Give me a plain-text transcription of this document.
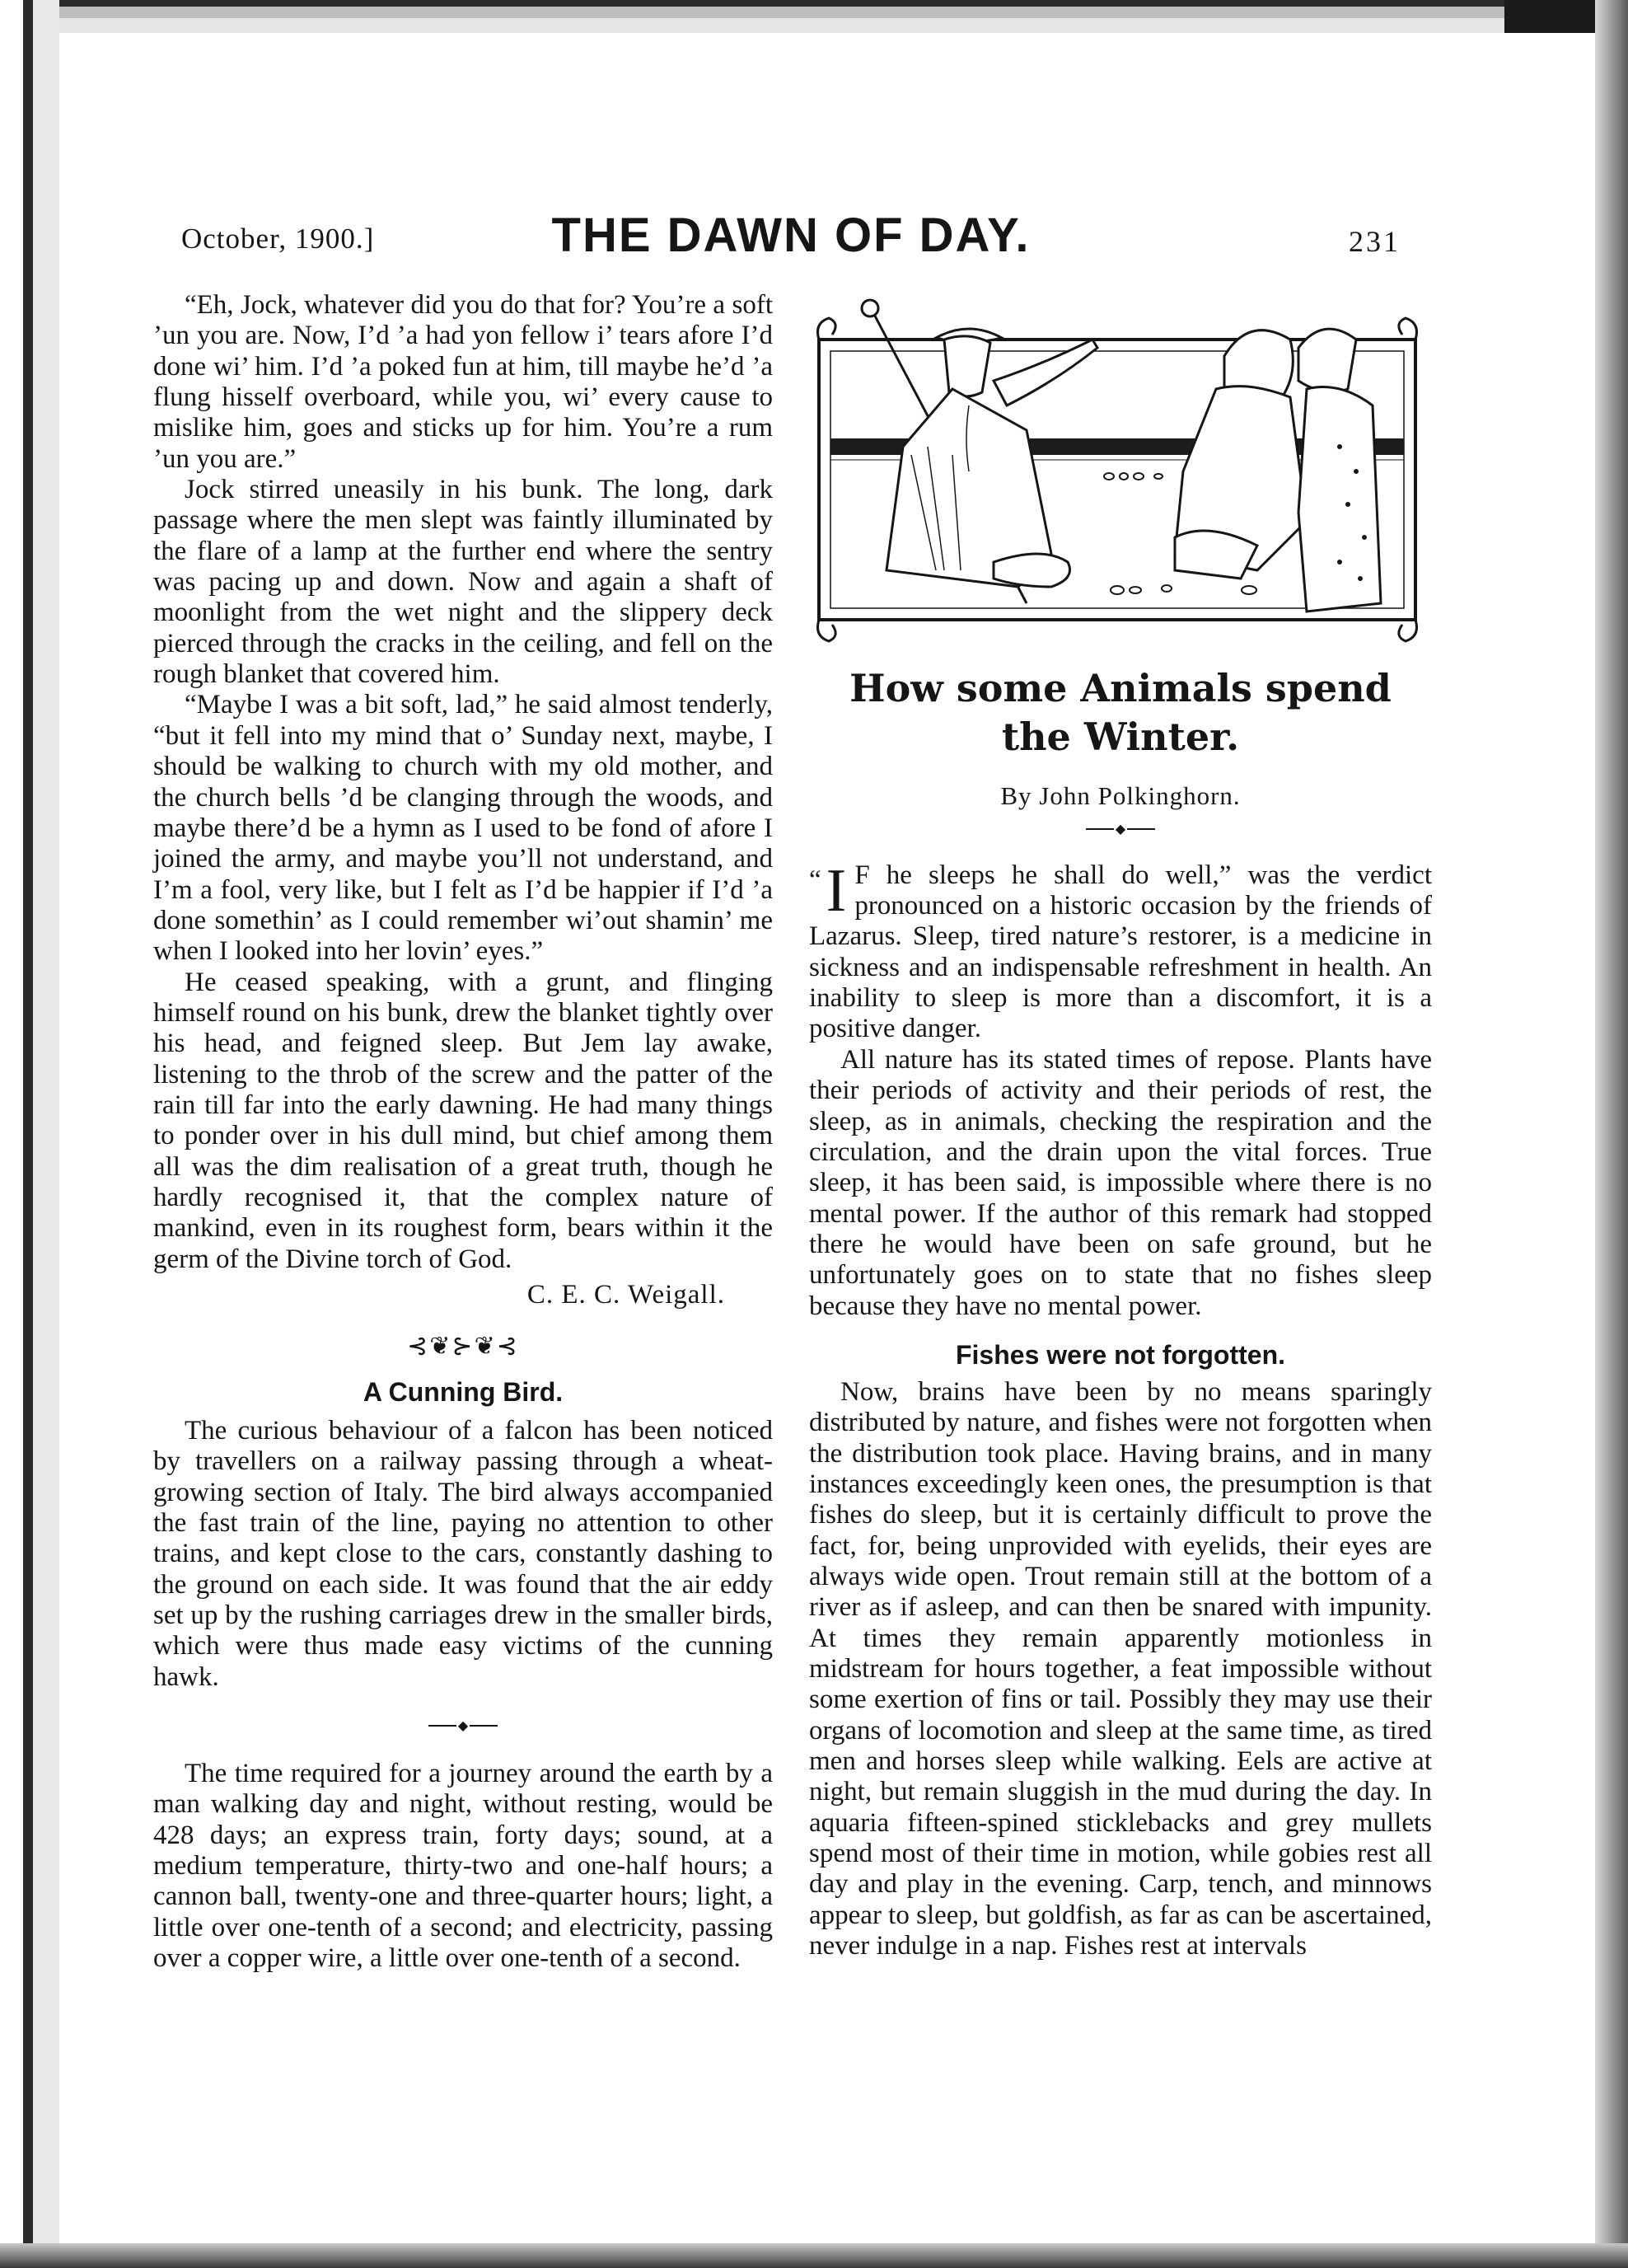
October, 1900.]	THE DAWN OF DAY.	231

“Eh, Jock, whatever did you do that for? You’re a soft ’un you are. Now, I’d ’a had yon fellow i’ tears afore I’d done wi’ him. I’d ’a poked fun at him, till maybe he’d ’a flung hisself overboard, while you, wi’ every cause to mislike him, goes and sticks up for him. You’re a rum ’un you are.”

Jock stirred uneasily in his bunk. The long, dark passage where the men slept was faintly illuminated by the flare of a lamp at the further end where the sentry was pacing up and down. Now and again a shaft of moonlight from the wet night and the slippery deck pierced through the cracks in the ceiling, and fell on the rough blanket that covered him.

“Maybe I was a bit soft, lad,” he said almost tenderly, “but it fell into my mind that o’ Sunday next, maybe, I should be walking to church with my old mother, and the church bells ’d be clanging through the woods, and maybe there’d be a hymn as I used to be fond of afore I joined the army, and maybe you’ll not understand, and I’m a fool, very like, but I felt as I’d be happier if I’d ’a done somethin’ as I could remember wi’out shamin’ me when I looked into her lovin’ eyes.”

He ceased speaking, with a grunt, and flinging himself round on his bunk, drew the blanket tightly over his head, and feigned sleep. But Jem lay awake, listening to the throb of the screw and the patter of the rain till far into the early dawning. He had many things to ponder over in his dull mind, but chief among them all was the dim realisation of a great truth, though he hardly recognised it, that the complex nature of mankind, even in its roughest form, bears within it the germ of the Divine torch of God.

C. E. C. Weigall.
⊰❦⊱❦⊰
A Cunning Bird.

The curious behaviour of a falcon has been noticed by travellers on a railway passing through a wheat-growing section of Italy. The bird always accompanied the fast train of the line, paying no attention to other trains, and kept close to the cars, constantly dashing to the ground on each side. It was found that the air eddy set up by the rushing carriages drew in the smaller birds, which were thus made easy victims of the cunning hawk.

◆

The time required for a journey around the earth by a man walking day and night, without resting, would be 428 days; an express train, forty days; sound, at a medium temperature, thirty-two and one-half hours; a cannon ball, twenty-one and three-quarter hours; light, a little over one-tenth of a second; and electricity, passing over a copper wire, a little over one-tenth of a second.

How some Animals spend the Winter.
By John Polkinghorn.
◆

“ I F he sleeps he shall do well,” was the verdict pronounced on a historic occasion by the friends of Lazarus. Sleep, tired nature’s restorer, is a medicine in sickness and an indispensable refreshment in health. An inability to sleep is more than a discomfort, it is a positive danger.

All nature has its stated times of repose. Plants have their periods of activity and their periods of rest, the sleep, as in animals, checking the respiration and the circulation, and the drain upon the vital forces. True sleep, it has been said, is impossible where there is no mental power. If the author of this remark had stopped there he would have been on safe ground, but he unfortunately goes on to state that no fishes sleep because they have no mental power.

Fishes were not forgotten.

Now, brains have been by no means sparingly distributed by nature, and fishes were not forgotten when the distribution took place. Having brains, and in many instances exceedingly keen ones, the presumption is that fishes do sleep, but it is certainly difficult to prove the fact, for, being unprovided with eyelids, their eyes are always wide open. Trout remain still at the bottom of a river as if asleep, and can then be snared with impunity. At times they remain apparently motionless in midstream for hours together, a feat impossible without some exertion of fins or tail. Possibly they may use their organs of locomotion and sleep at the same time, as tired men and horses sleep while walking. Eels are active at night, but remain sluggish in the mud during the day. In aquaria fifteen-spined sticklebacks and grey mullets spend most of their time in motion, while gobies rest all day and play in the evening. Carp, tench, and minnows appear to sleep, but goldfish, as far as can be ascertained, never indulge in a nap. Fishes rest at intervals
